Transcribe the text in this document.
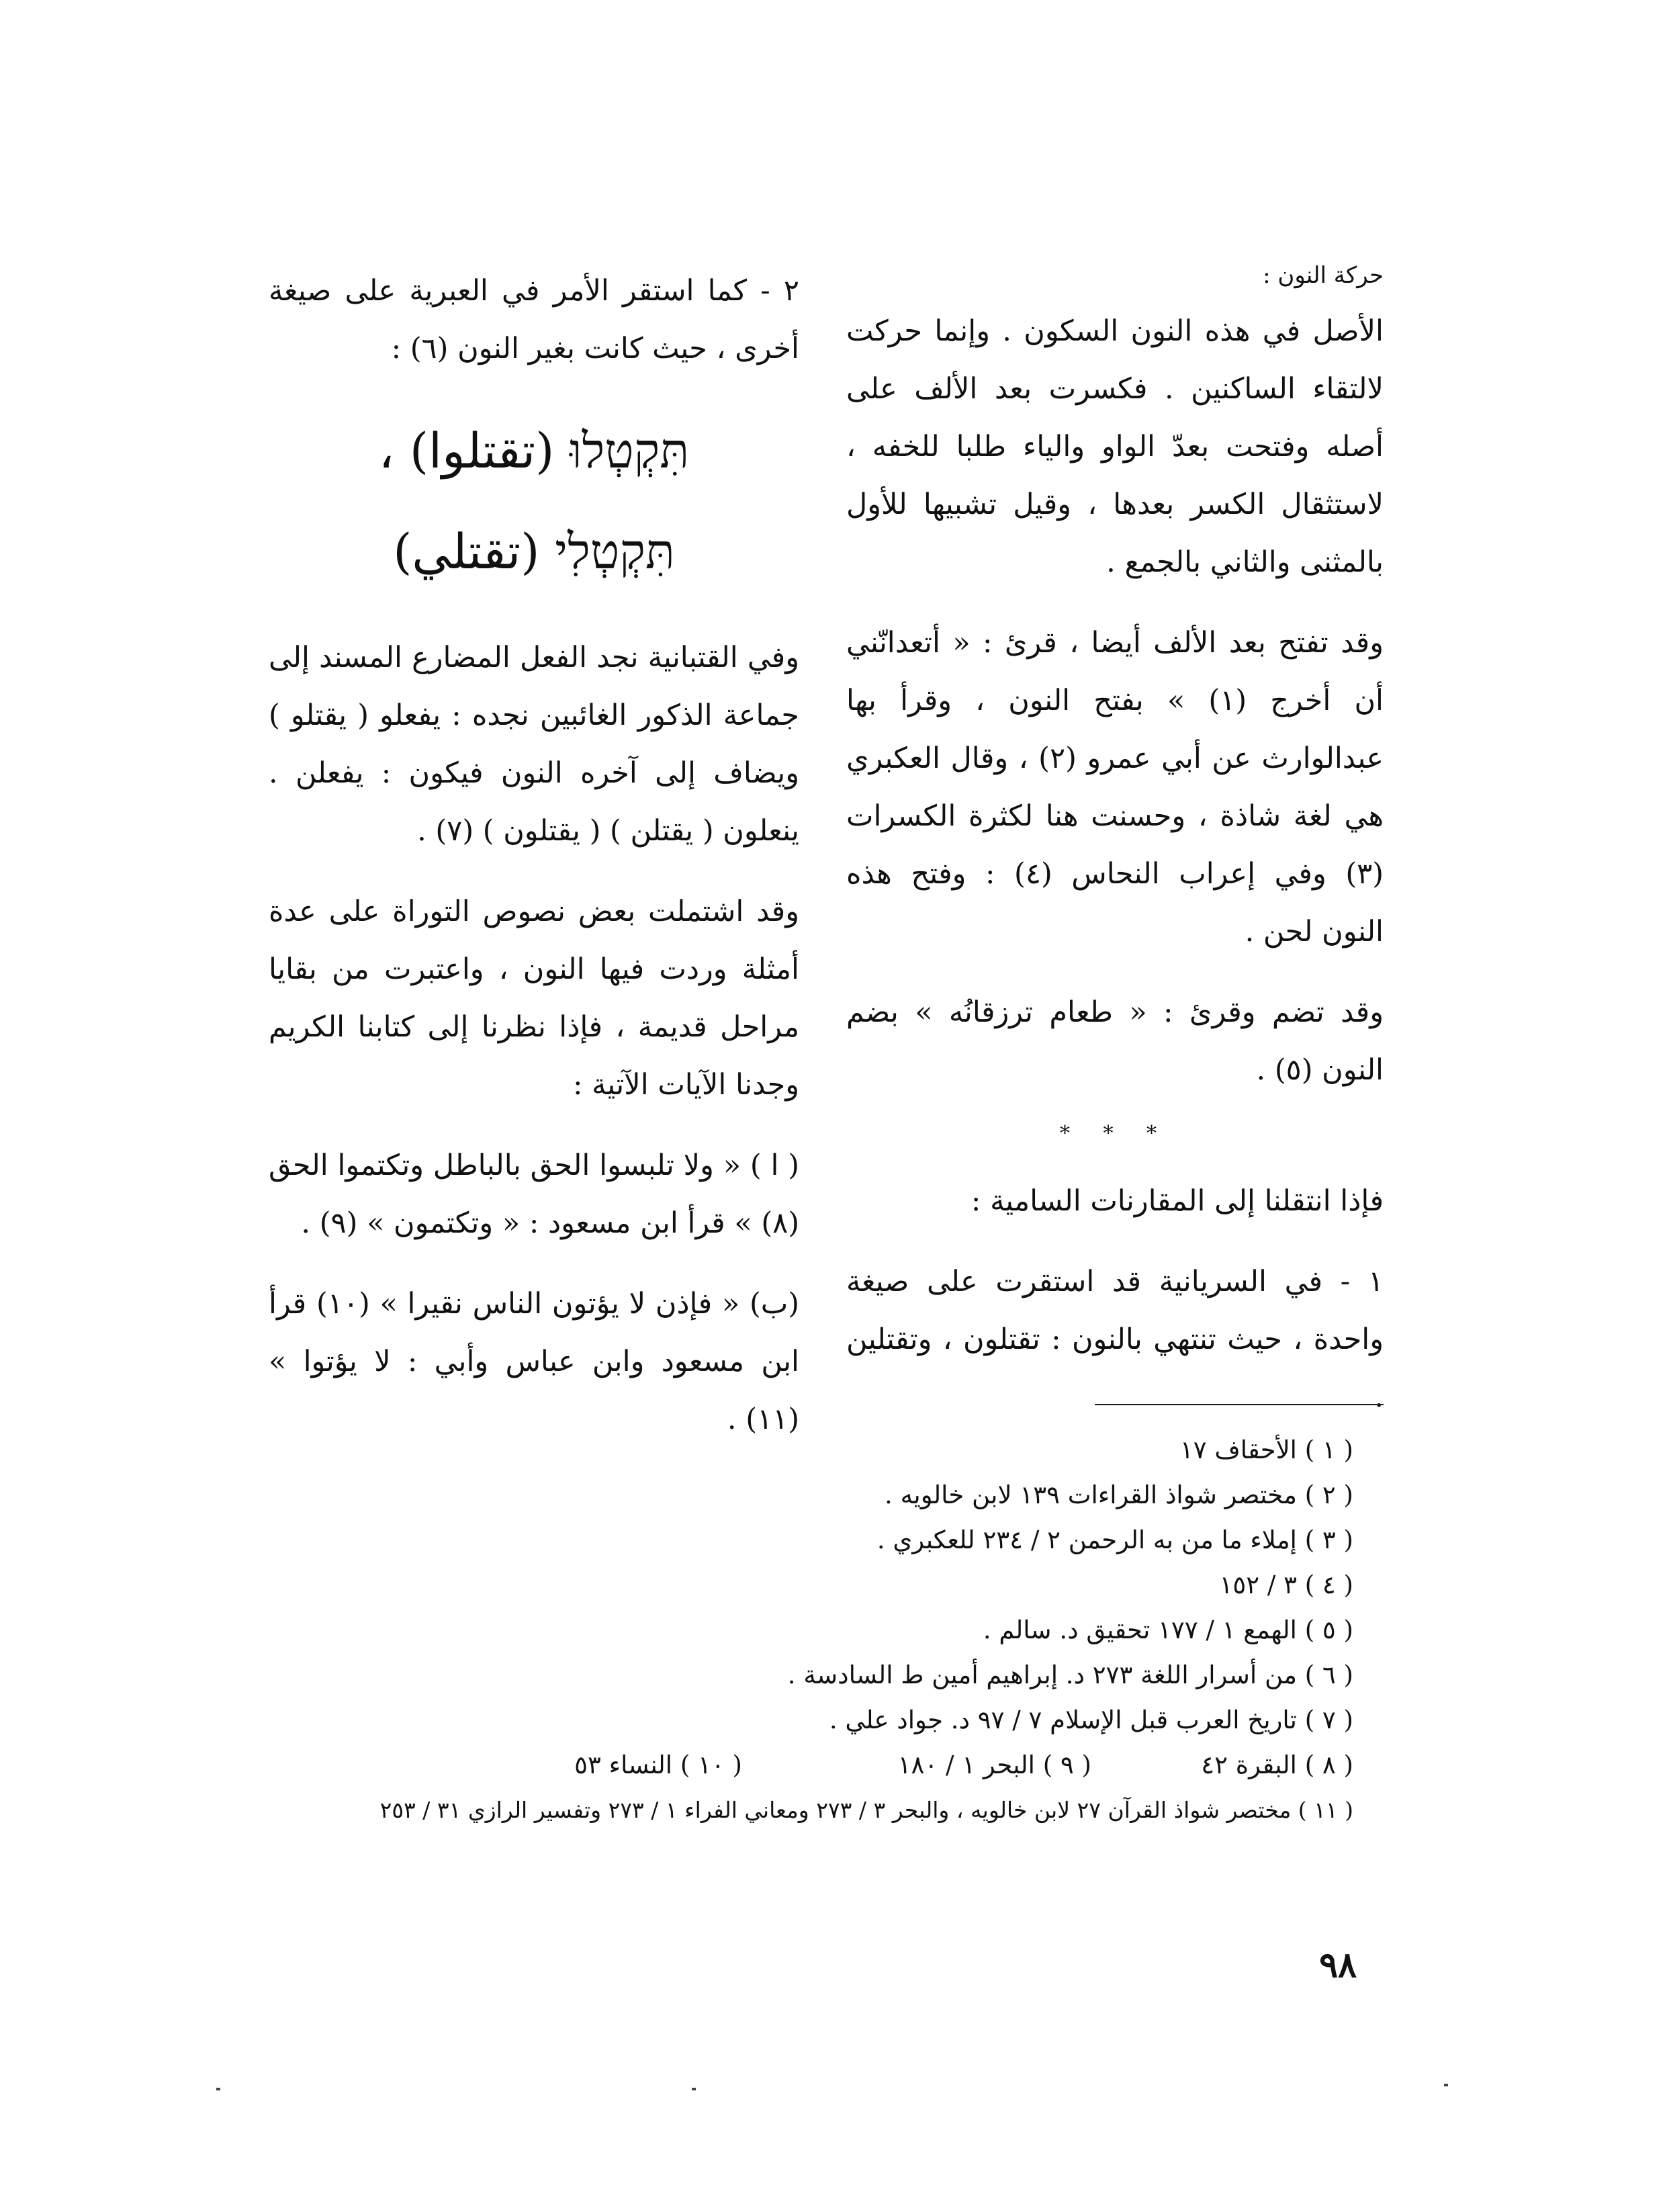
حركة النون :

الأصل في هذه النون السكون . وإنما حركت لالتقاء الساكنين . فكسرت بعد الألف على أصله وفتحت بعدّ الواو والياء طلبا للخفه ، لاستثقال الكسر بعدها ، وقيل تشبيها للأول بالمثنى والثاني بالجمع .

وقد تفتح بعد الألف أيضا ، قرئ : « أتعدانّني أن أخرج (١) » بفتح النون ، وقرأ بها عبدالوارث عن أبي عمرو (٢) ، وقال العكبري هي لغة شاذة ، وحسنت هنا لكثرة الكسرات (٣) وفي إعراب النحاس (٤) : وفتح هذه النون لحن .

وقد تضم وقرئ : « طعام ترزقانُه » بضم النون (٥) .

* * *

فإذا انتقلنا إلى المقارنات السامية :

١ - في السريانية قد استقرت على صيغة واحدة ، حيث تنتهي بالنون : تقتلون ، وتقتلين .

٢ - كما استقر الأمر في العبرية على صيغة أخرى ، حيث كانت بغير النون (٦) :

תִּקְטְלוּ (تقتلوا) ،
תִּקְטְלִי (تقتلي)

وفي القتبانية نجد الفعل المضارع المسند إلى جماعة الذكور الغائبين نجده : يفعلو ( يقتلو ) ويضاف إلى آخره النون فيكون : يفعلن . ينعلون ( يقتلن ) ( يقتلون ) (٧) .

وقد اشتملت بعض نصوص التوراة على عدة أمثلة وردت فيها النون ، واعتبرت من بقايا مراحل قديمة ، فإذا نظرنا إلى كتابنا الكريم وجدنا الآيات الآتية :

( ا ) « ولا تلبسوا الحق بالباطل وتكتموا الحق (٨) » قرأ ابن مسعود : « وتكتمون » (٩) .

(ب) « فإذن لا يؤتون الناس نقيرا » (١٠) قرأ ابن مسعود وابن عباس وأبي : لا يؤتوا » (١١) .

( ١ ) الأحقاف ١٧
( ٢ ) مختصر شواذ القراءات ١٣٩ لابن خالويه .
( ٣ ) إملاء ما من به الرحمن ٢ / ٢٣٤ للعكبري .
( ٤ ) ٣ / ١٥٢
( ٥ ) الهمع ١ / ١٧٧ تحقيق د. سالم .
( ٦ ) من أسرار اللغة ٢٧٣ د. إبراهيم أمين ط السادسة .
( ٧ ) تاريخ العرب قبل الإسلام ٧ / ٩٧ د. جواد علي .
( ٨ ) البقرة ٤٢
( ٩ ) البحر ١ / ١٨٠
( ١٠ ) النساء ٥٣
( ١١ ) مختصر شواذ القرآن ٢٧ لابن خالويه ، والبحر ٣ / ٢٧٣ ومعاني الفراء ١ / ٢٧٣ وتفسير الرازي ٣١ / ٢٥٣
٩٨
